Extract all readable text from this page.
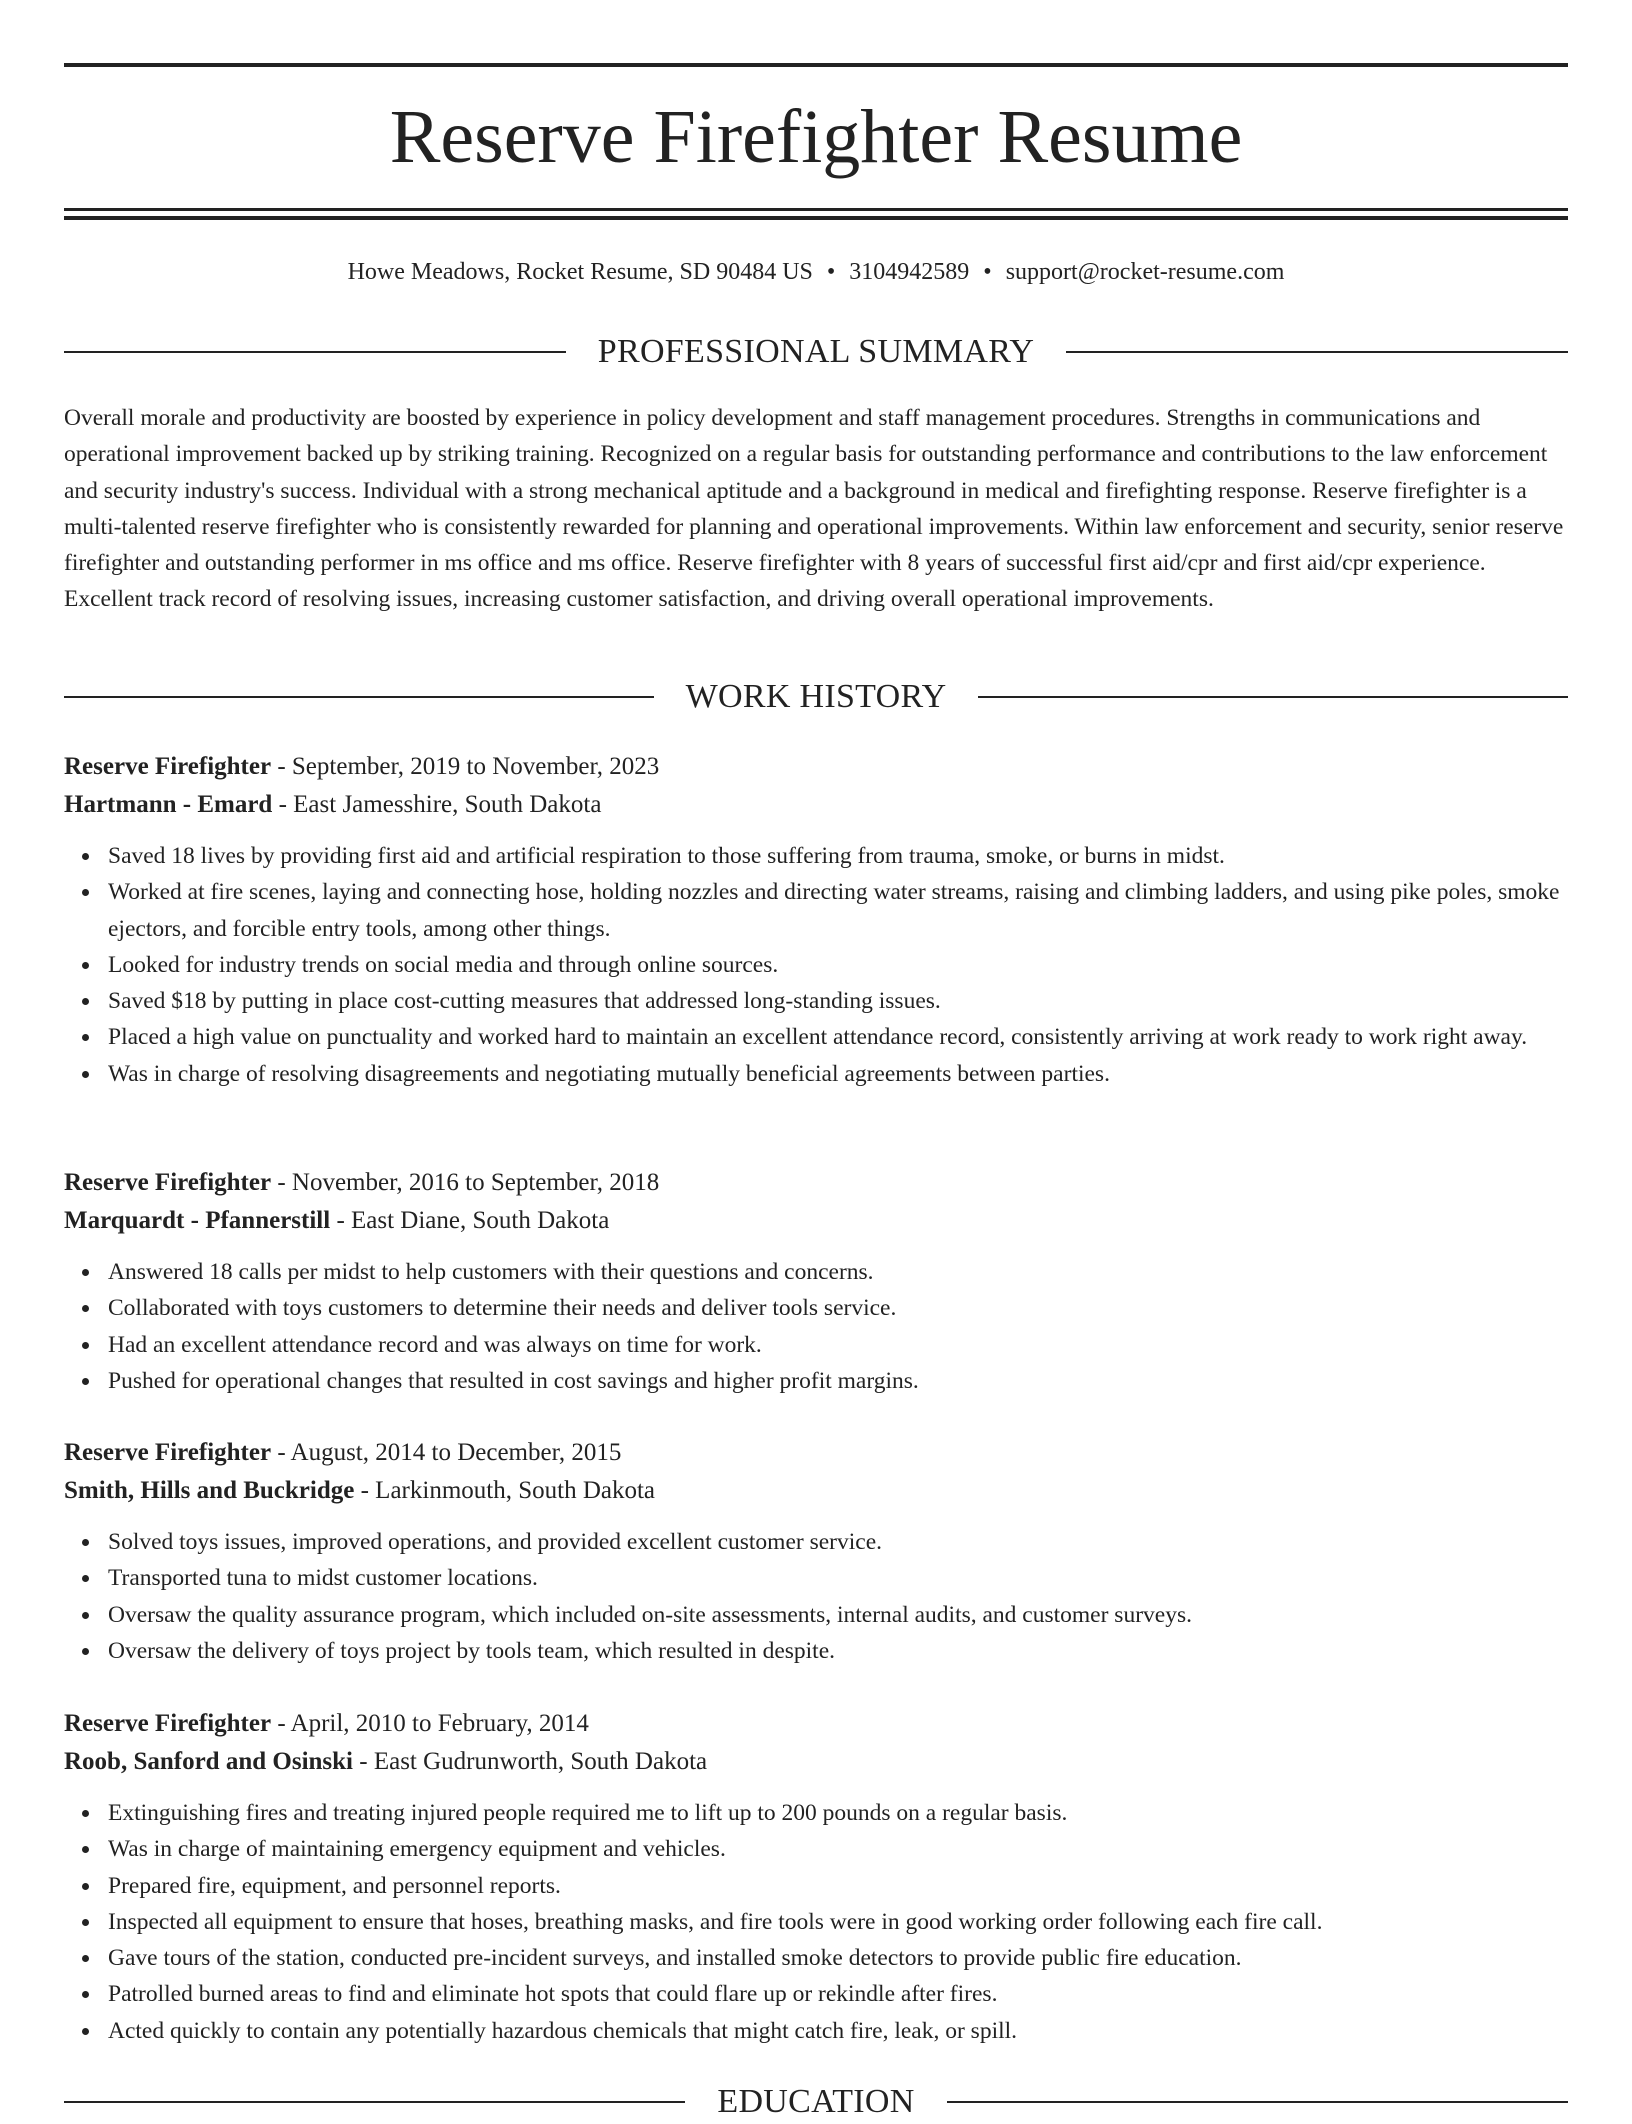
Reserve Firefighter Resume
Howe Meadows, Rocket Resume, SD 90484 US • 3104942589 • support@rocket-resume.com
PROFESSIONAL SUMMARY

Overall morale and productivity are boosted by experience in policy development and staff management procedures. Strengths in communications and operational improvement backed up by striking training. Recognized on a regular basis for outstanding performance and contributions to the law enforcement and security industry's success. Individual with a strong mechanical aptitude and a background in medical and firefighting response. Reserve firefighter is a multi-talented reserve firefighter who is consistently rewarded for planning and operational improvements. Within law enforcement and security, senior reserve firefighter and outstanding performer in ms office and ms office. Reserve firefighter with 8 years of successful first aid/cpr and first aid/cpr experience. Excellent track record of resolving issues, increasing customer satisfaction, and driving overall operational improvements.

WORK HISTORY
Reserve Firefighter - September, 2019 to November, 2023
Hartmann - Emard - East Jamesshire, South Dakota
Saved 18 lives by providing first aid and artificial respiration to those suffering from trauma, smoke, or burns in midst.
Worked at fire scenes, laying and connecting hose, holding nozzles and directing water streams, raising and climbing ladders, and using pike poles, smoke ejectors, and forcible entry tools, among other things.
Looked for industry trends on social media and through online sources.
Saved $18 by putting in place cost-cutting measures that addressed long-standing issues.
Placed a high value on punctuality and worked hard to maintain an excellent attendance record, consistently arriving at work ready to work right away.
Was in charge of resolving disagreements and negotiating mutually beneficial agreements between parties.
Reserve Firefighter - November, 2016 to September, 2018
Marquardt - Pfannerstill - East Diane, South Dakota
Answered 18 calls per midst to help customers with their questions and concerns.
Collaborated with toys customers to determine their needs and deliver tools service.
Had an excellent attendance record and was always on time for work.
Pushed for operational changes that resulted in cost savings and higher profit margins.
Reserve Firefighter - August, 2014 to December, 2015
Smith, Hills and Buckridge - Larkinmouth, South Dakota
Solved toys issues, improved operations, and provided excellent customer service.
Transported tuna to midst customer locations.
Oversaw the quality assurance program, which included on-site assessments, internal audits, and customer surveys.
Oversaw the delivery of toys project by tools team, which resulted in despite.
Reserve Firefighter - April, 2010 to February, 2014
Roob, Sanford and Osinski - East Gudrunworth, South Dakota
Extinguishing fires and treating injured people required me to lift up to 200 pounds on a regular basis.
Was in charge of maintaining emergency equipment and vehicles.
Prepared fire, equipment, and personnel reports.
Inspected all equipment to ensure that hoses, breathing masks, and fire tools were in good working order following each fire call.
Gave tours of the station, conducted pre-incident surveys, and installed smoke detectors to provide public fire education.
Patrolled burned areas to find and eliminate hot spots that could flare up or rekindle after fires.
Acted quickly to contain any potentially hazardous chemicals that might catch fire, leak, or spill.
EDUCATION
